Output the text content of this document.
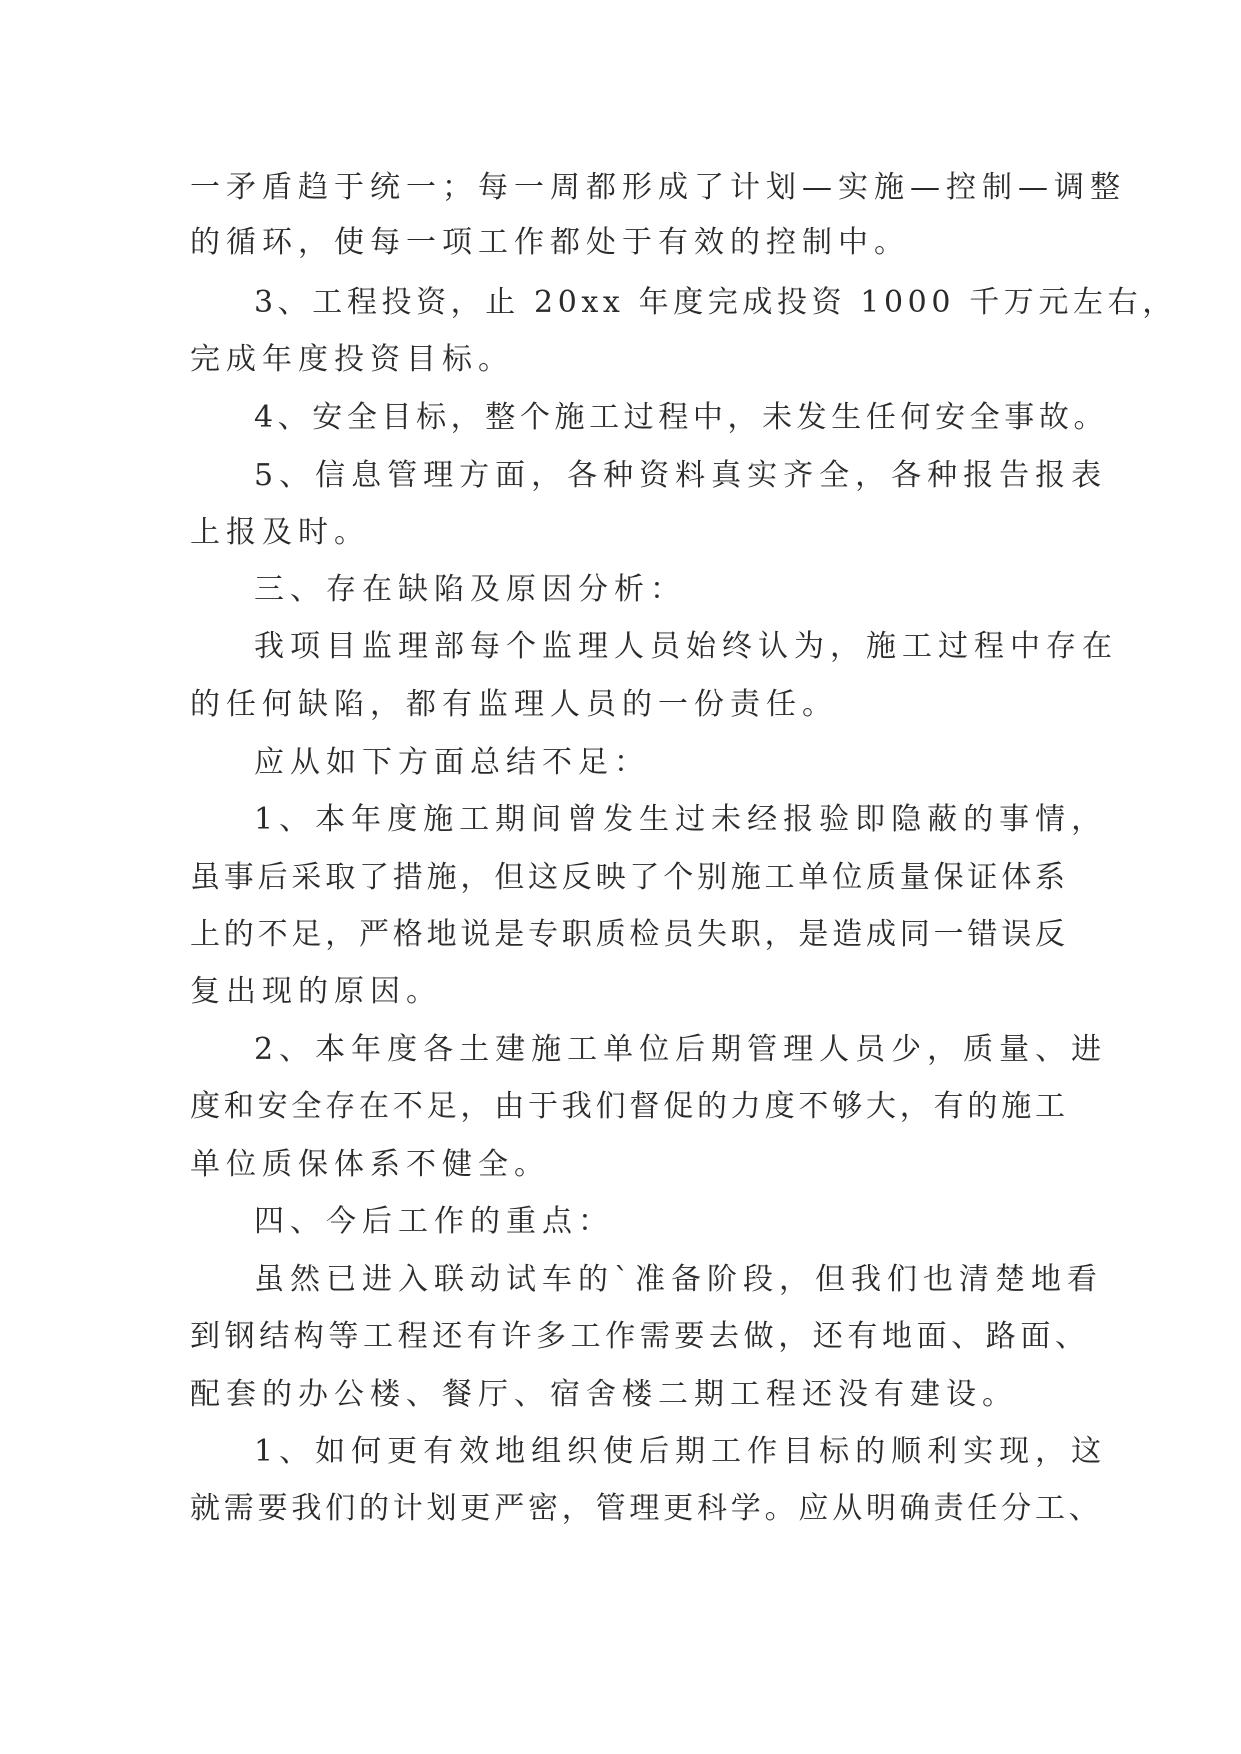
一矛盾趋于统一；每一周都形成了计划—实施—控制—调整
的循环，使每一项工作都处于有效的控制中。
3、工程投资，止 20xx 年度完成投资 1000 千万元左右，
完成年度投资目标。
4、安全目标，整个施工过程中，未发生任何安全事故。
5、信息管理方面，各种资料真实齐全，各种报告报表
上报及时。
三、存在缺陷及原因分析：
我项目监理部每个监理人员始终认为，施工过程中存在
的任何缺陷，都有监理人员的一份责任。
应从如下方面总结不足：
1、本年度施工期间曾发生过未经报验即隐蔽的事情，
虽事后采取了措施，但这反映了个别施工单位质量保证体系
上的不足，严格地说是专职质检员失职，是造成同一错误反
复出现的原因。
2、本年度各土建施工单位后期管理人员少，质量、进
度和安全存在不足，由于我们督促的力度不够大，有的施工
单位质保体系不健全。
四、今后工作的重点：
虽然已进入联动试车的`准备阶段，但我们也清楚地看
到钢结构等工程还有许多工作需要去做，还有地面、路面、
配套的办公楼、餐厅、宿舍楼二期工程还没有建设。
1、如何更有效地组织使后期工作目标的顺利实现，这
就需要我们的计划更严密，管理更科学。应从明确责任分工、
